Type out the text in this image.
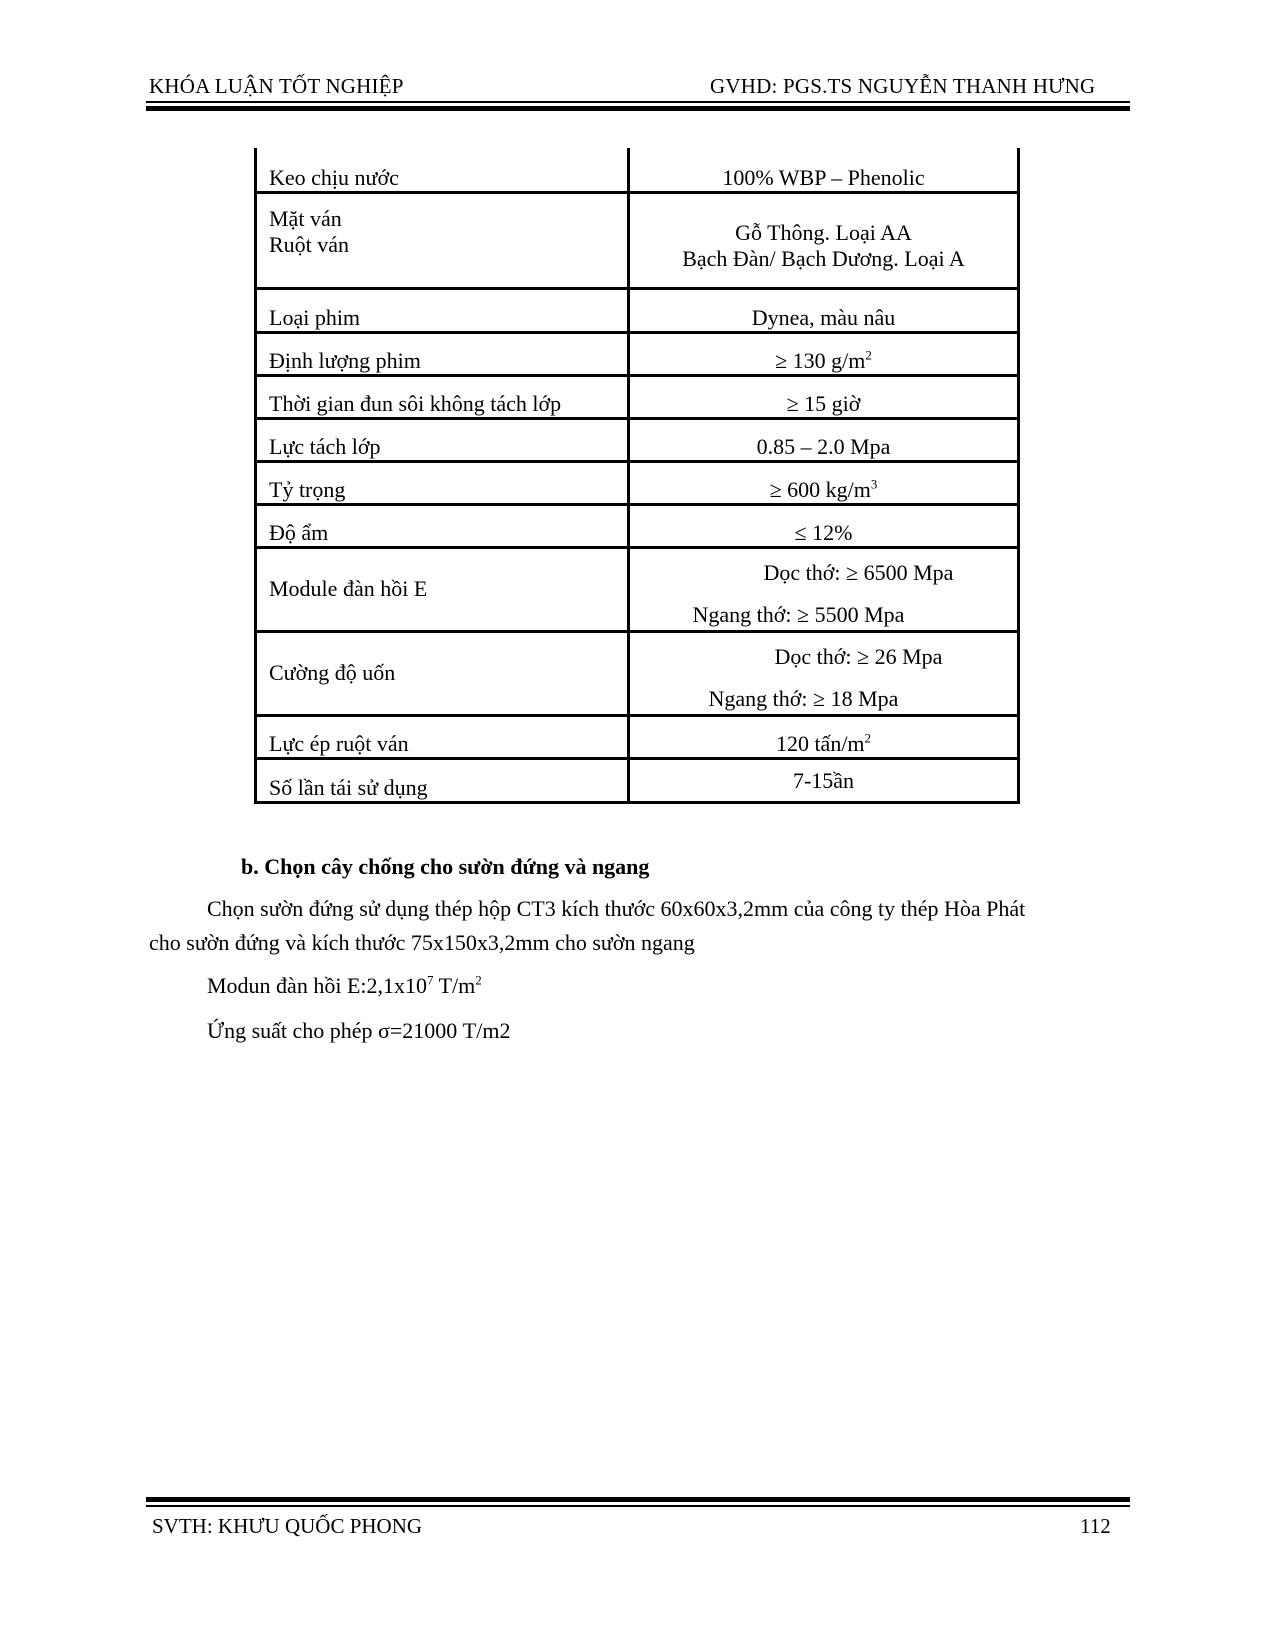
KHÓA LUẬN TỐT NGHIỆP	GVHD: PGS.TS NGUYỄN THANH HƯNG
Keo chịu nước	100% WBP – Phenolic

Mặt ván
Ruột ván	Gỗ Thông. Loại AA
Bạch Đàn/ Bạch Dương. Loại A

Loại phim	Dynea, màu nâu
Định lượng phim	≥ 130 $g/m^2$
Thời gian đun sôi không tách lớp	≥ 15 giờ
Lực tách lớp	0.85 – 2.0 Mpa
Tỷ trọng	≥ 600 $kg/m^3$
Độ ẩm	≤ 12%
Module đàn hồi E	Dọc thớ: ≥ 6500 Mpa
Ngang thớ: ≥ 5500 Mpa

Cường độ uốn	Dọc thớ: ≥ 26 Mpa
Ngang thớ: ≥ 18 Mpa

Lực ép ruột ván	120 tấn/$m^2$
Số lần tái sử dụng	7-15ần
b. Chọn cây chống cho sườn đứng và ngang
Chọn sườn đứng sử dụng thép hộp CT3 kích thước 60x60x3,2mm của công ty thép Hòa Phát
cho sườn đứng và kích thước 75x150x3,2mm cho sườn ngang
Modun đàn hồi $E:2,1x10^7$ $T/m^2$
Ứng suất cho phép σ=21000 T/m2
SVTH: KHƯU QUỐC PHONG	112
